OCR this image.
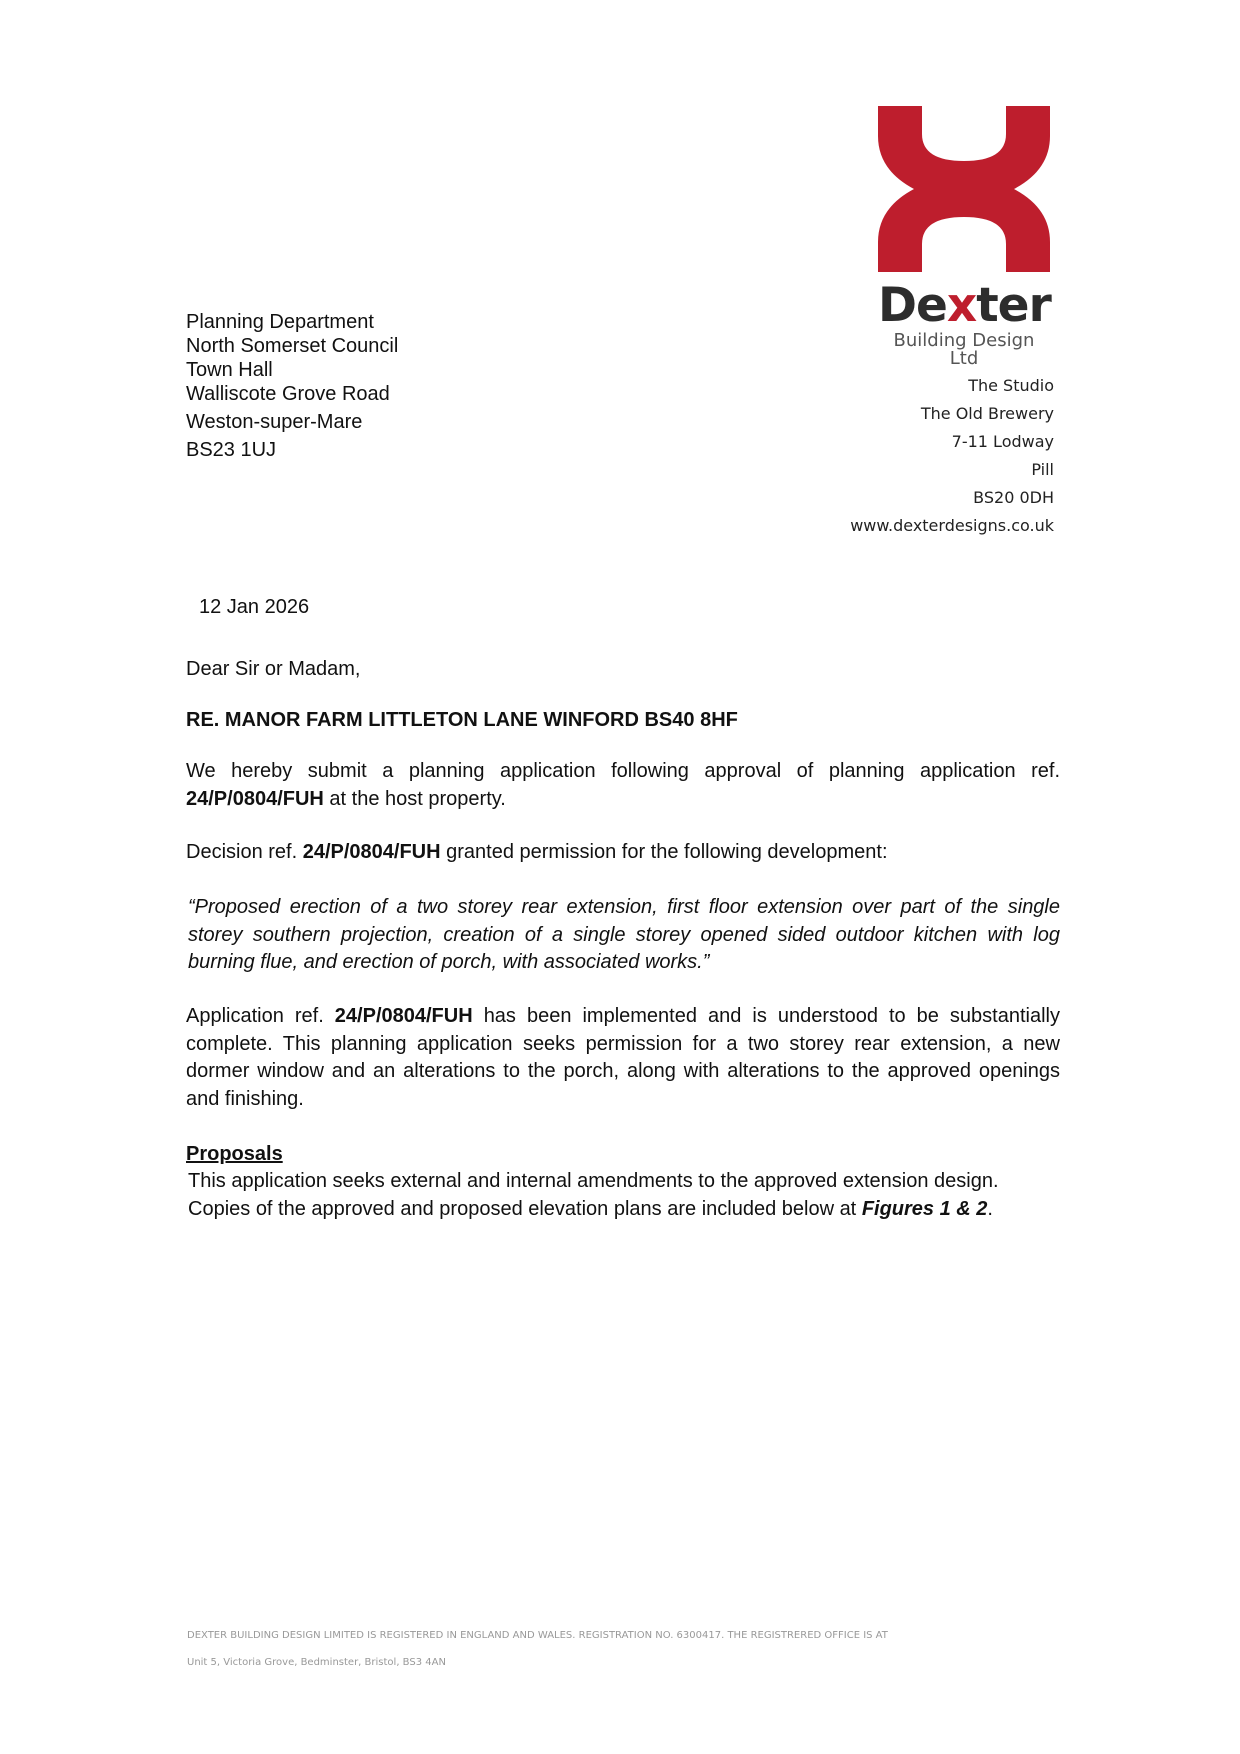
Dexter
Building Design Ltd
Planning Department
North Somerset Council
Town Hall
Walliscote Grove Road
Weston-super-Mare
BS23 1UJ
The Studio
The Old Brewery
7-11 Lodway
Pill
BS20 0DH
www.dexterdesigns.co.uk
12 Jan 2026
Dear Sir or Madam,
RE. MANOR FARM LITTLETON LANE WINFORD BS40 8HF
We hereby submit a planning application following approval of planning application ref. 24/P/0804/FUH at the host property.
Decision ref. 24/P/0804/FUH granted permission for the following development:
“Proposed erection of a two storey rear extension, first floor extension over part of the single storey southern projection, creation of a single storey opened sided outdoor kitchen with log burning flue, and erection of porch, with associated works.”
Application ref. 24/P/0804/FUH has been implemented and is understood to be substantially complete. This planning application seeks permission for a two storey rear extension, a new dormer window and an alterations to the porch, along with alterations to the approved openings and finishing.
Proposals
This application seeks external and internal amendments to the approved extension design.
Copies of the approved and proposed elevation plans are included below at Figures 1 & 2.
DEXTER BUILDING DESIGN LIMITED IS REGISTERED IN ENGLAND AND WALES. REGISTRATION NO. 6300417. THE REGISTRERED OFFICE IS AT
Unit 5, Victoria Grove, Bedminster, Bristol, BS3 4AN
